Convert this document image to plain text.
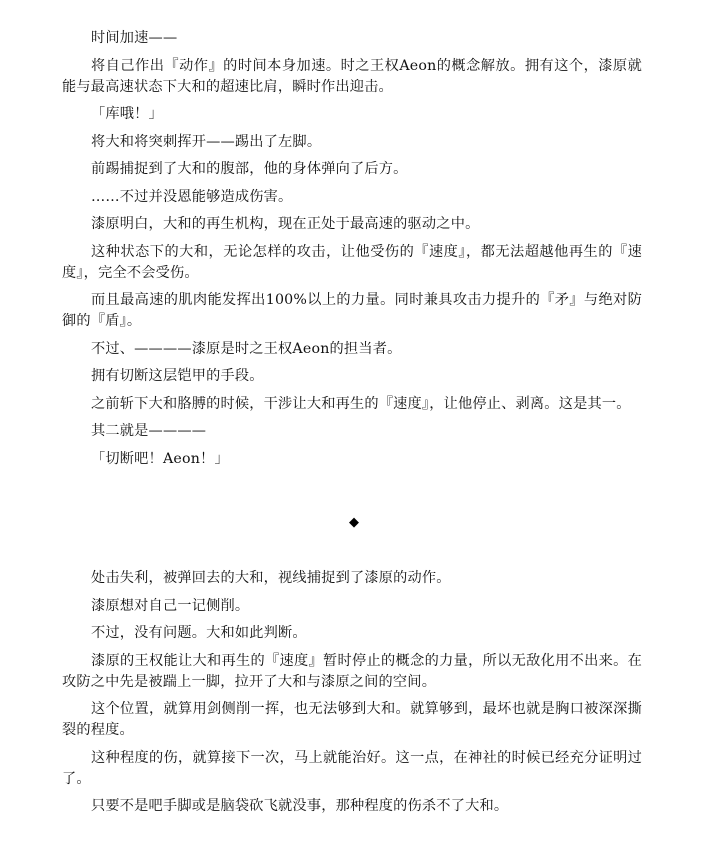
时间加速——

将自己作出『动作』的时间本身加速。时之王权Aeon的概念解放。拥有这个，漆原就能与最高速状态下大和的超速比肩，瞬时作出迎击。

「库哦！」

将大和将突刺挥开——踢出了左脚。

前踢捕捉到了大和的腹部，他的身体弹向了后方。

……不过并没恩能够造成伤害。

漆原明白，大和的再生机构，现在正处于最高速的驱动之中。

这种状态下的大和，无论怎样的攻击，让他受伤的『速度』，都无法超越他再生的『速度』，完全不会受伤。

而且最高速的肌肉能发挥出100%以上的力量。同时兼具攻击力提升的『矛』与绝对防御的『盾』。

不过、————漆原是时之王权Aeon的担当者。

拥有切断这层铠甲的手段。

之前斩下大和胳膊的时候，干涉让大和再生的『速度』，让他停止、剥离。这是其一。

其二就是————

「切断吧！Aeon！」

◆

处击失利，被弹回去的大和，视线捕捉到了漆原的动作。

漆原想对自己一记侧削。

不过，没有问题。大和如此判断。

漆原的王权能让大和再生的『速度』暂时停止的概念的力量，所以无敌化用不出来。在攻防之中先是被踹上一脚，拉开了大和与漆原之间的空间。

这个位置，就算用剑侧削一挥，也无法够到大和。就算够到，最坏也就是胸口被深深撕裂的程度。

这种程度的伤，就算接下一次，马上就能治好。这一点，在神社的时候已经充分证明过了。

只要不是吧手脚或是脑袋砍飞就没事，那种程度的伤杀不了大和。
